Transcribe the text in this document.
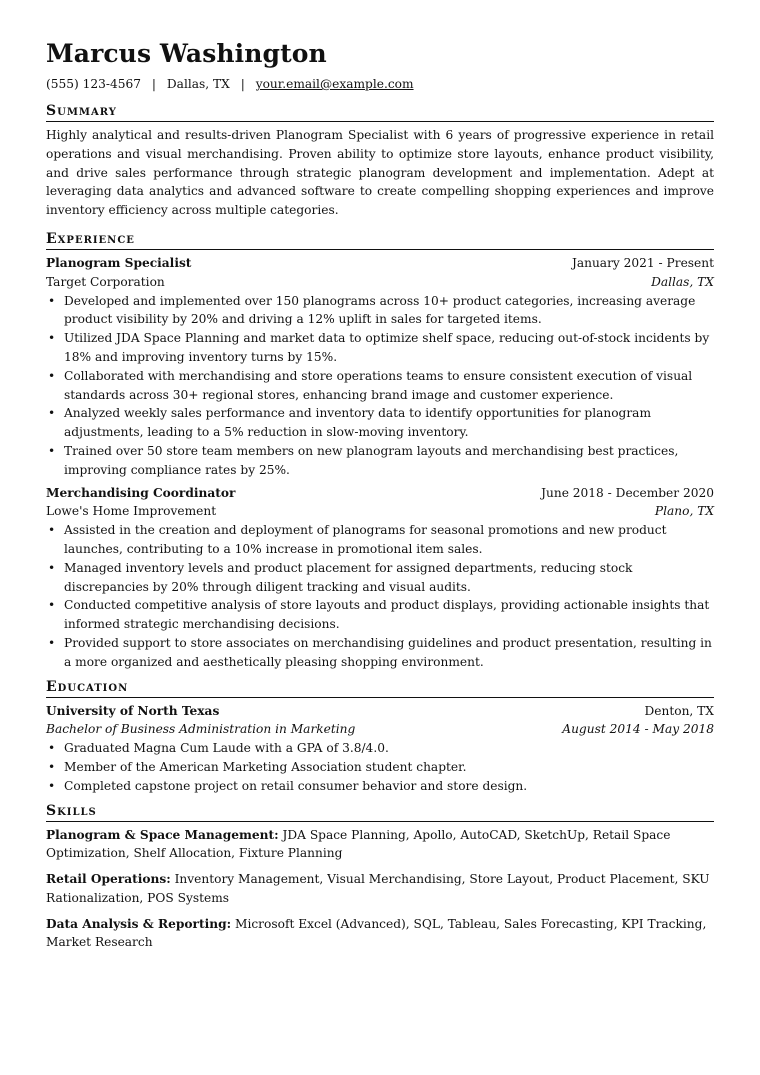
Marcus Washington
(555) 123-4567 | Dallas, TX | your.email@example.com
Summary
Highly analytical and results-driven Planogram Specialist with 6 years of progressive experience in retail operations and visual merchandising. Proven ability to optimize store layouts, enhance product visibility, and drive sales performance through strategic planogram development and implementation. Adept at leveraging data analytics and advanced software to create compelling shopping experiences and improve inventory efficiency across multiple categories.
Experience
Planogram Specialist	January 2021 - Present
Target Corporation	Dallas, TX
• Developed and implemented over 150 planograms across 10+ product categories, increasing average product visibility by 20% and driving a 12% uplift in sales for targeted items.
• Utilized JDA Space Planning and market data to optimize shelf space, reducing out-of-stock incidents by 18% and improving inventory turns by 15%.
• Collaborated with merchandising and store operations teams to ensure consistent execution of visual standards across 30+ regional stores, enhancing brand image and customer experience.
• Analyzed weekly sales performance and inventory data to identify opportunities for planogram adjustments, leading to a 5% reduction in slow-moving inventory.
• Trained over 50 store team members on new planogram layouts and merchandising best practices, improving compliance rates by 25%.
Merchandising Coordinator	June 2018 - December 2020
Lowe's Home Improvement	Plano, TX
• Assisted in the creation and deployment of planograms for seasonal promotions and new product launches, contributing to a 10% increase in promotional item sales.
• Managed inventory levels and product placement for assigned departments, reducing stock discrepancies by 20% through diligent tracking and visual audits.
• Conducted competitive analysis of store layouts and product displays, providing actionable insights that informed strategic merchandising decisions.
• Provided support to store associates on merchandising guidelines and product presentation, resulting in a more organized and aesthetically pleasing shopping environment.
Education
University of North Texas	Denton, TX
Bachelor of Business Administration in Marketing	August 2014 - May 2018
• Graduated Magna Cum Laude with a GPA of 3.8/4.0.
• Member of the American Marketing Association student chapter.
• Completed capstone project on retail consumer behavior and store design.
Skills
Planogram & Space Management: JDA Space Planning, Apollo, AutoCAD, SketchUp, Retail Space Optimization, Shelf Allocation, Fixture Planning
Retail Operations: Inventory Management, Visual Merchandising, Store Layout, Product Placement, SKU Rationalization, POS Systems
Data Analysis & Reporting: Microsoft Excel (Advanced), SQL, Tableau, Sales Forecasting, KPI Tracking, Market Research
